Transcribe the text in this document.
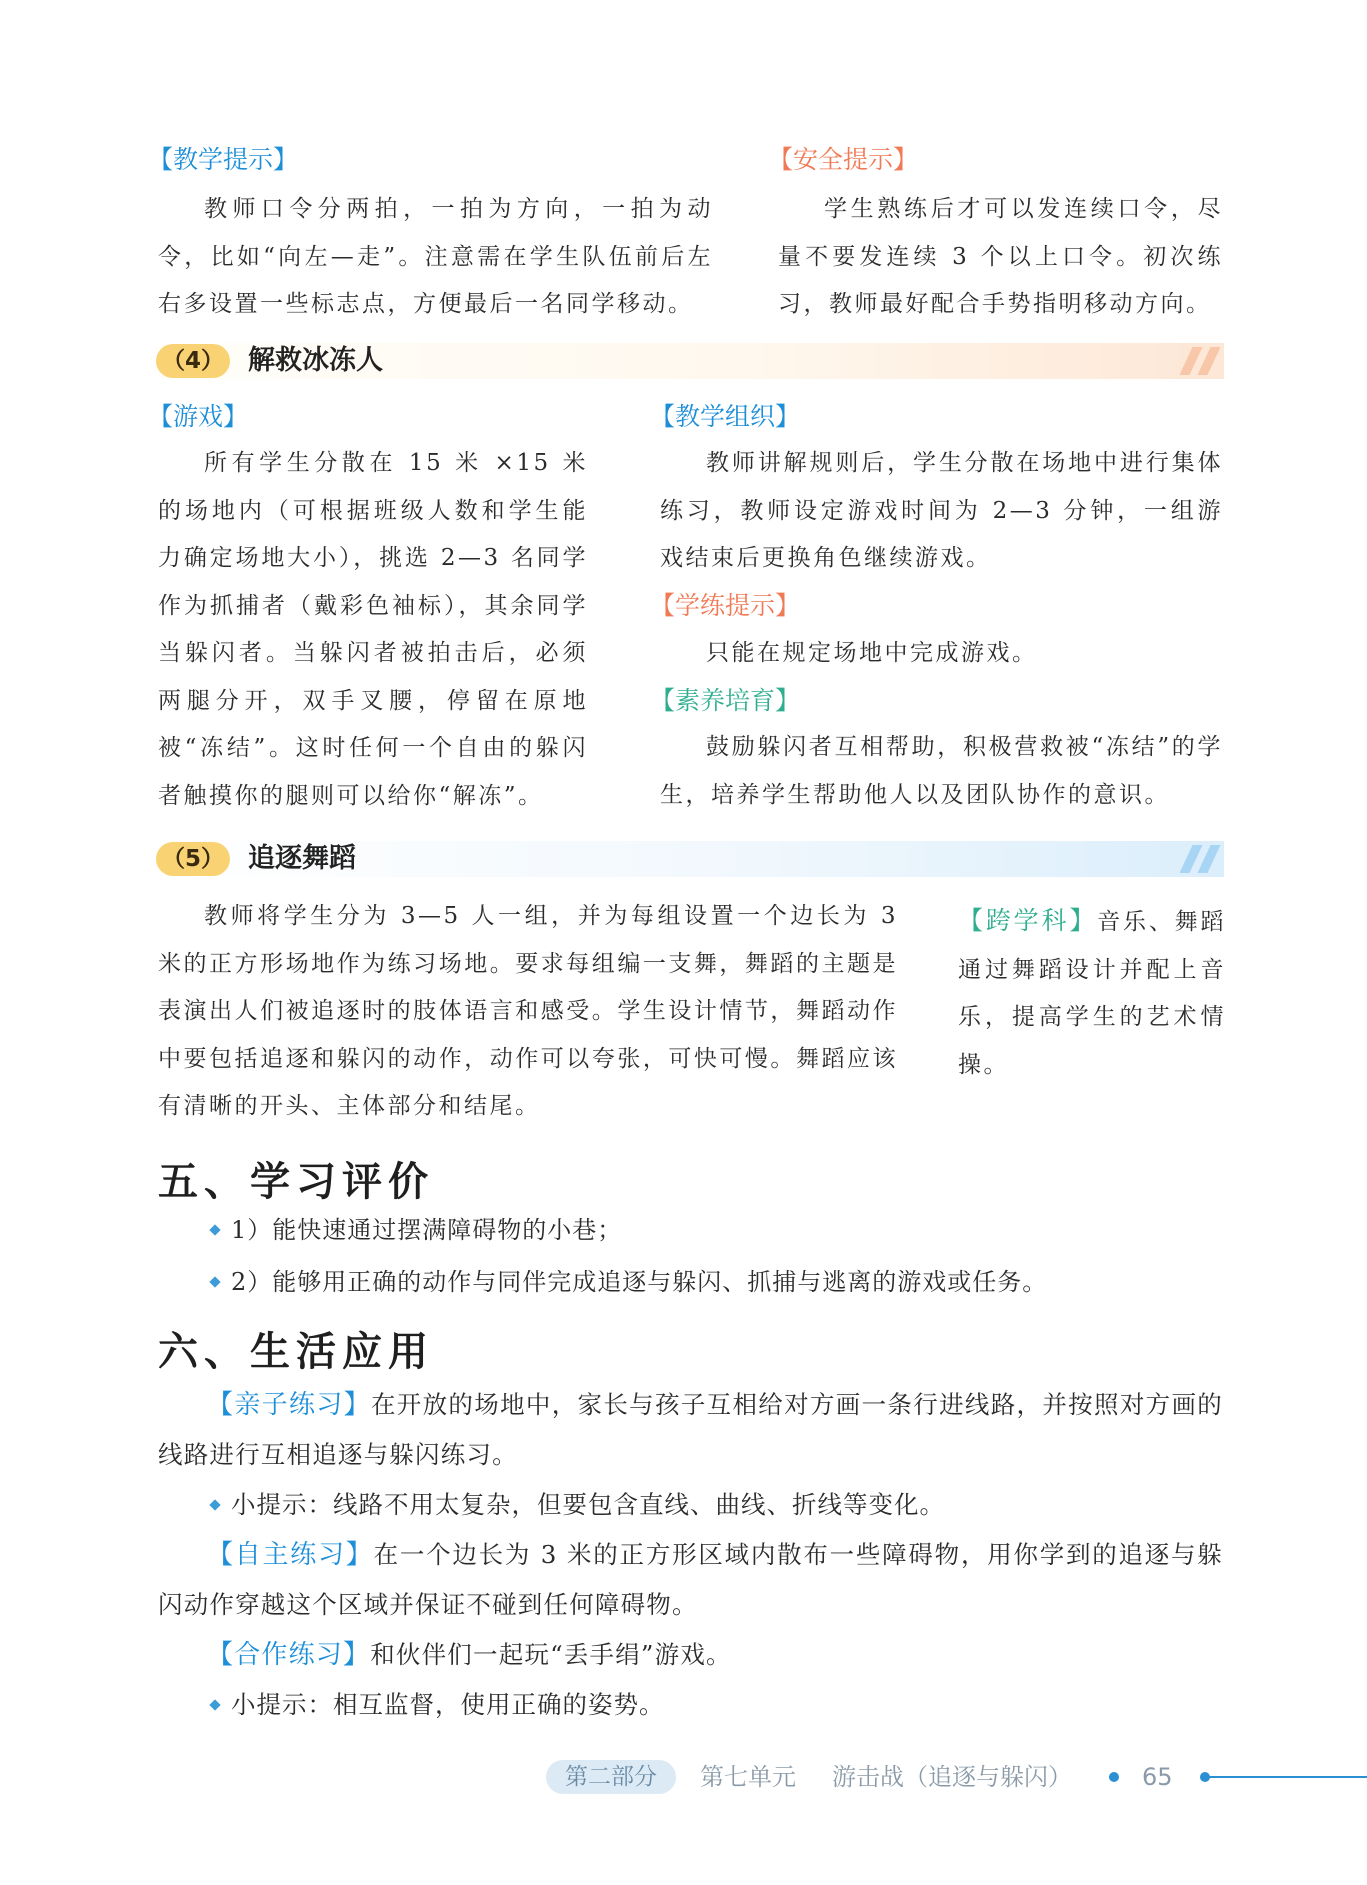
【教学提示】

教师口令分两拍，一拍为方向，一拍为动令，比如“向左—走”。注意需在学生队伍前后左右多设置一些标志点，方便最后一名同学移动。

【安全提示】

学生熟练后才可以发连续口令，尽量不要发连续 3 个以上口令。初次练习，教师最好配合手势指明移动方向。

（4） 解救冰冻人
【游戏】

所有学生分散在 15 米 ×15 米的场地内（可根据班级人数和学生能力确定场地大小），挑选 2—3 名同学作为抓捕者（戴彩色袖标），其余同学当躲闪者。当躲闪者被拍击后，必须两腿分开，双手叉腰，停留在原地被“冻结”。这时任何一个自由的躲闪者触摸你的腿则可以给你“解冻”。

【教学组织】

教师讲解规则后，学生分散在场地中进行集体练习，教师设定游戏时间为 2—3 分钟，一组游戏结束后更换角色继续游戏。

【学练提示】

只能在规定场地中完成游戏。

【素养培育】

鼓励躲闪者互相帮助，积极营救被“冻结”的学生，培养学生帮助他人以及团队协作的意识。

（5） 追逐舞蹈

教师将学生分为 3—5 人一组，并为每组设置一个边长为 3 米的正方形场地作为练习场地。要求每组编一支舞，舞蹈的主题是表演出人们被追逐时的肢体语言和感受。学生设计情节，舞蹈动作中要包括追逐和躲闪的动作，动作可以夸张，可快可慢。舞蹈应该有清晰的开头、主体部分和结尾。

【跨学科】音乐、舞蹈通过舞蹈设计并配上音乐，提高学生的艺术情操。

五、学习评价
1）能快速通过摆满障碍物的小巷；
2）能够用正确的动作与同伴完成追逐与躲闪、抓捕与逃离的游戏或任务。
六、生活应用

【亲子练习】在开放的场地中，家长与孩子互相给对方画一条行进线路，并按照对方画的线路进行互相追逐与躲闪练习。

小提示：线路不用太复杂，但要包含直线、曲线、折线等变化。

【自主练习】在一个边长为 3 米的正方形区域内散布一些障碍物，用你学到的追逐与躲闪动作穿越这个区域并保证不碰到任何障碍物。

【合作练习】和伙伴们一起玩“丢手绢”游戏。

小提示：相互监督，使用正确的姿势。
第二部分	第七单元 游击战（追逐与躲闪）	65
